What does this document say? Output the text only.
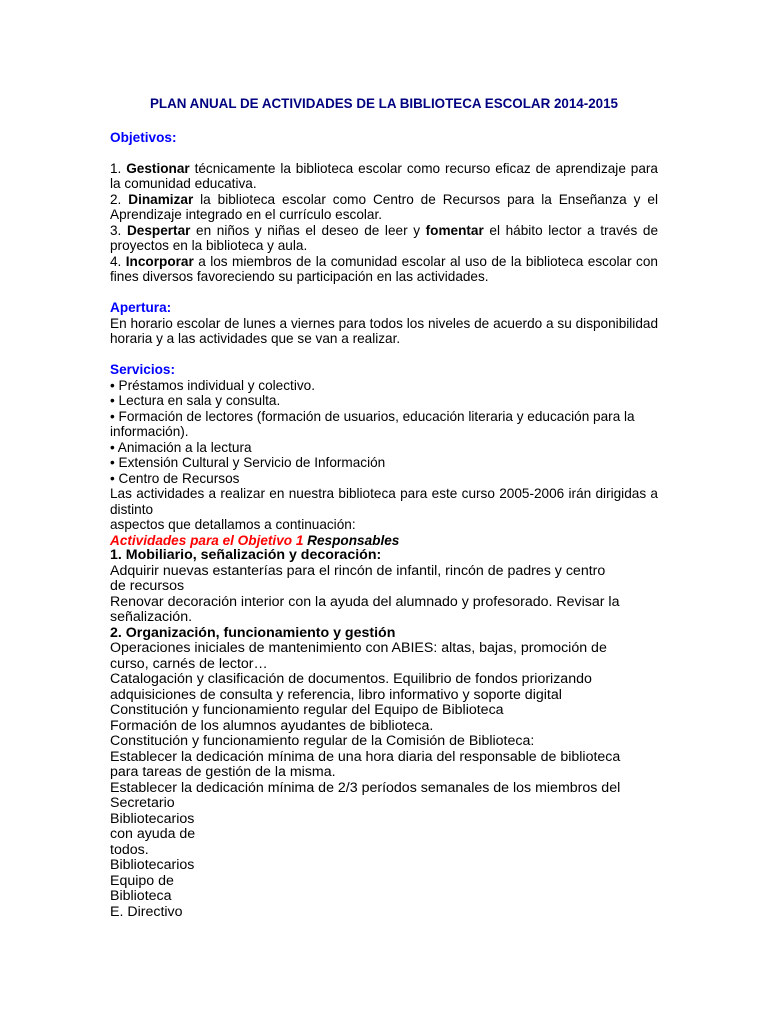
PLAN ANUAL DE ACTIVIDADES DE LA BIBLIOTECA ESCOLAR 2014-2015

Objetivos:

1. Gestionar técnicamente la biblioteca escolar como recurso eficaz de aprendizaje para la comunidad educativa.

2. Dinamizar la biblioteca escolar como Centro de Recursos para la Enseñanza y el Aprendizaje integrado en el currículo escolar.

3. Despertar en niños y niñas el deseo de leer y fomentar el hábito lector a través de proyectos en la biblioteca y aula.

4. Incorporar a los miembros de la comunidad escolar al uso de la biblioteca escolar con fines diversos favoreciendo su participación en las actividades.

Apertura:

En horario escolar de lunes a viernes para todos los niveles de acuerdo a su disponibilidad horaria y a las actividades que se van a realizar.

Servicios:

• Préstamos individual y colectivo.

• Lectura en sala y consulta.

• Formación de lectores (formación de usuarios, educación literaria y educación para la información).

• Animación a la lectura

• Extensión Cultural y Servicio de Información

• Centro de Recursos

Las actividades a realizar en nuestra biblioteca para este curso 2005-2006 irán dirigidas a distinto

aspectos que detallamos a continuación:

Actividades para el Objetivo 1 Responsables

1. Mobiliario, señalización y decoración:

Adquirir nuevas estanterías para el rincón de infantil, rincón de padres y centro

de recursos

Renovar decoración interior con la ayuda del alumnado y profesorado. Revisar la

señalización.

2. Organización, funcionamiento y gestión

Operaciones iniciales de mantenimiento con ABIES: altas, bajas, promoción de

curso, carnés de lector…

Catalogación y clasificación de documentos. Equilibrio de fondos priorizando

adquisiciones de consulta y referencia, libro informativo y soporte digital

Constitución y funcionamiento regular del Equipo de Biblioteca

Formación de los alumnos ayudantes de biblioteca.

Constitución y funcionamiento regular de la Comisión de Biblioteca:

Establecer la dedicación mínima de una hora diaria del responsable de biblioteca

para tareas de gestión de la misma.

Establecer la dedicación mínima de 2/3 períodos semanales de los miembros del

Secretario

Bibliotecarios

con ayuda de

todos.

Bibliotecarios

Equipo de

Biblioteca

E. Directivo
